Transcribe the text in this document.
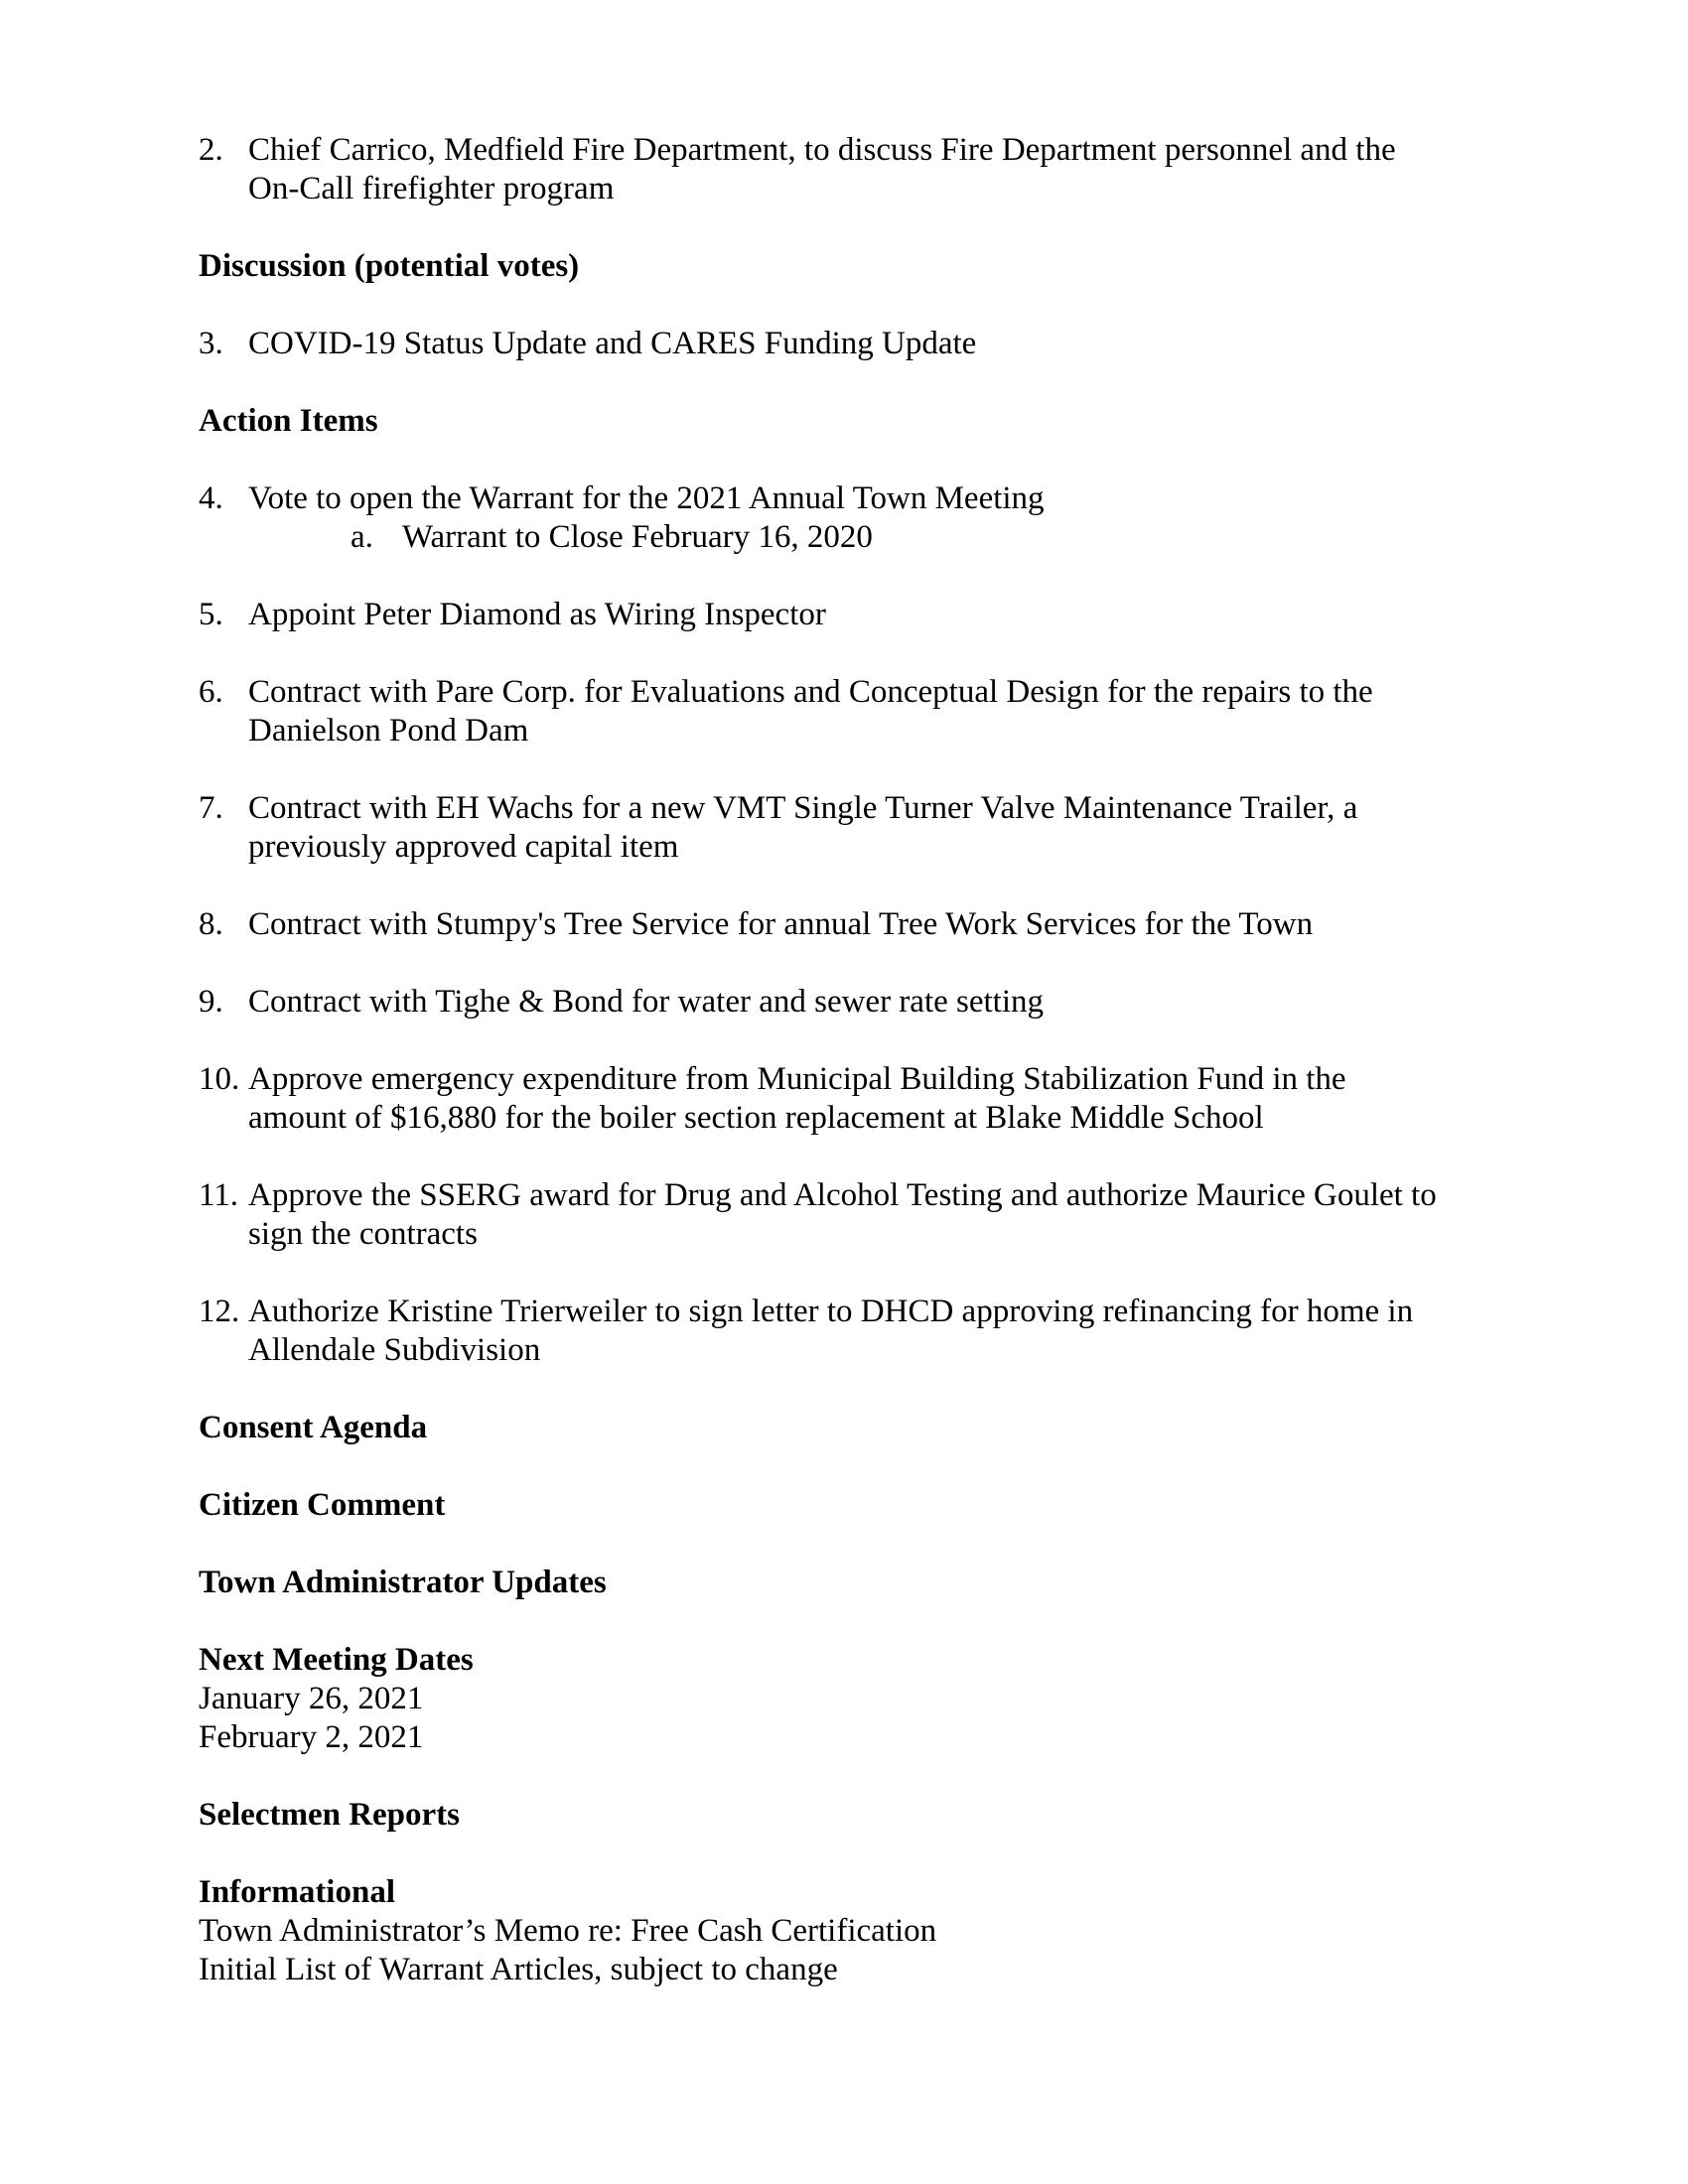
2. Chief Carrico, Medfield Fire Department, to discuss Fire Department personnel and the On-Call firefighter program
Discussion (potential votes)
3. COVID-19 Status Update and CARES Funding Update
Action Items
4. Vote to open the Warrant for the 2021 Annual Town Meeting
a. Warrant to Close February 16, 2020
5. Appoint Peter Diamond as Wiring Inspector
6. Contract with Pare Corp. for Evaluations and Conceptual Design for the repairs to the Danielson Pond Dam
7. Contract with EH Wachs for a new VMT Single Turner Valve Maintenance Trailer, a previously approved capital item
8. Contract with Stumpy's Tree Service for annual Tree Work Services for the Town
9. Contract with Tighe & Bond for water and sewer rate setting
10. Approve emergency expenditure from Municipal Building Stabilization Fund in the amount of $16,880 for the boiler section replacement at Blake Middle School
11. Approve the SSERG award for Drug and Alcohol Testing and authorize Maurice Goulet to sign the contracts
12. Authorize Kristine Trierweiler to sign letter to DHCD approving refinancing for home in Allendale Subdivision
Consent Agenda
Citizen Comment
Town Administrator Updates
Next Meeting Dates
January 26, 2021
February 2, 2021
Selectmen Reports
Informational
Town Administrator’s Memo re: Free Cash Certification
Initial List of Warrant Articles, subject to change
